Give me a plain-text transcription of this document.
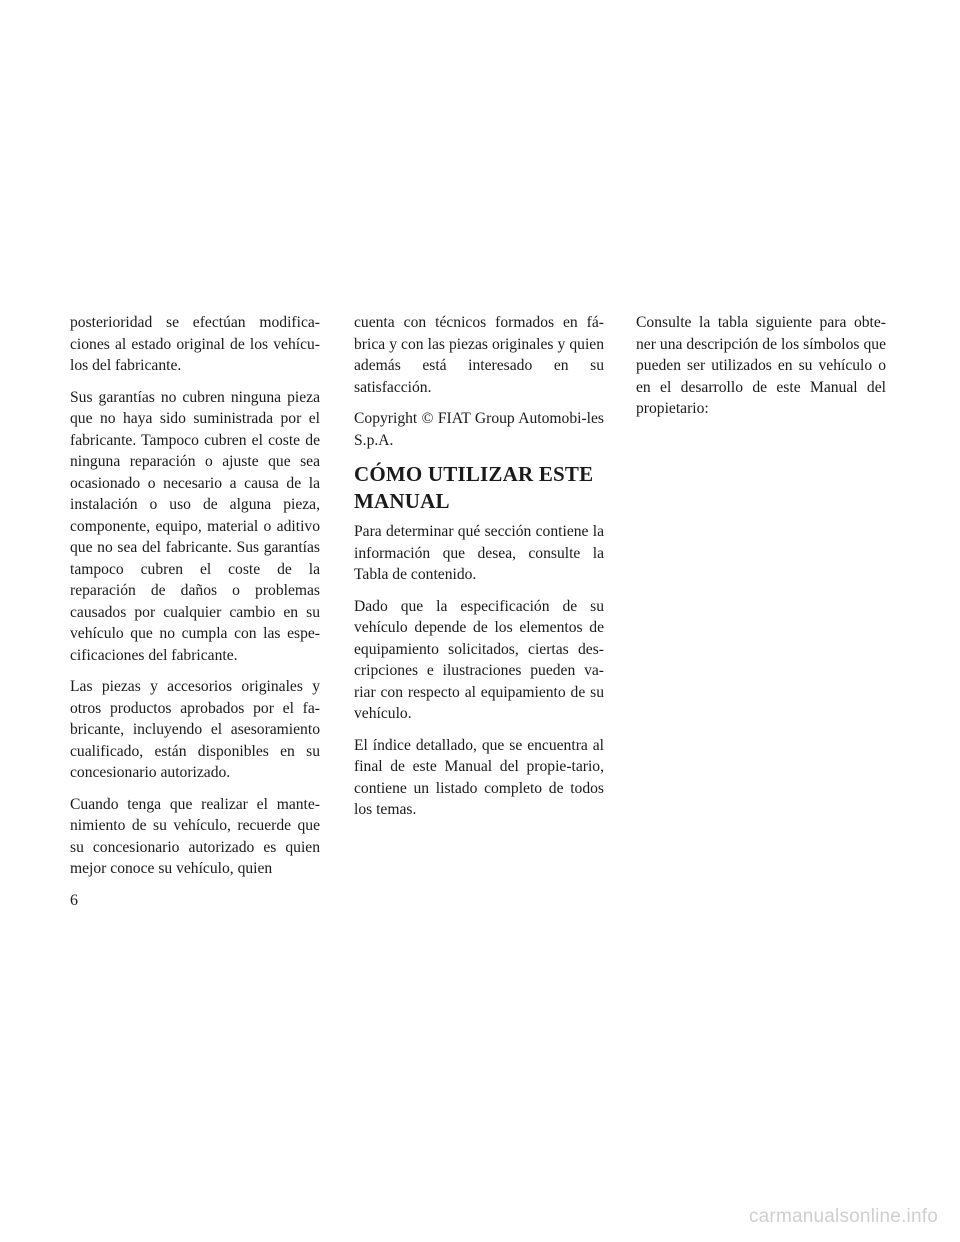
posterioridad se efectúan modifica-ciones al estado original de los vehícu-los del fabricante.

Sus garantías no cubren ninguna pieza que no haya sido suministrada por el fabricante. Tampoco cubren el coste de ninguna reparación o ajuste que sea ocasionado o necesario a causa de la instalación o uso de alguna pieza, componente, equipo, material o aditivo que no sea del fabricante. Sus garantías tampoco cubren el coste de la reparación de daños o problemas causados por cualquier cambio en su vehículo que no cumpla con las espe-cificaciones del fabricante.

Las piezas y accesorios originales y otros productos aprobados por el fa-bricante, incluyendo el asesoramiento cualificado, están disponibles en su concesionario autorizado.

Cuando tenga que realizar el mante-nimiento de su vehículo, recuerde que su concesionario autorizado es quien mejor conoce su vehículo, quien

cuenta con técnicos formados en fá-brica y con las piezas originales y quien además está interesado en su satisfacción.

Copyright © FIAT Group Automobi-les S.p.A.

CÓMO UTILIZAR ESTE MANUAL

Para determinar qué sección contiene la información que desea, consulte la Tabla de contenido.

Dado que la especificación de su vehículo depende de los elementos de equipamiento solicitados, ciertas des-cripciones e ilustraciones pueden va-riar con respecto al equipamiento de su vehículo.

El índice detallado, que se encuentra al final de este Manual del propie-tario, contiene un listado completo de todos los temas.

Consulte la tabla siguiente para obte-ner una descripción de los símbolos que pueden ser utilizados en su vehículo o en el desarrollo de este Manual del propietario:

6
carmanualsonline.info
